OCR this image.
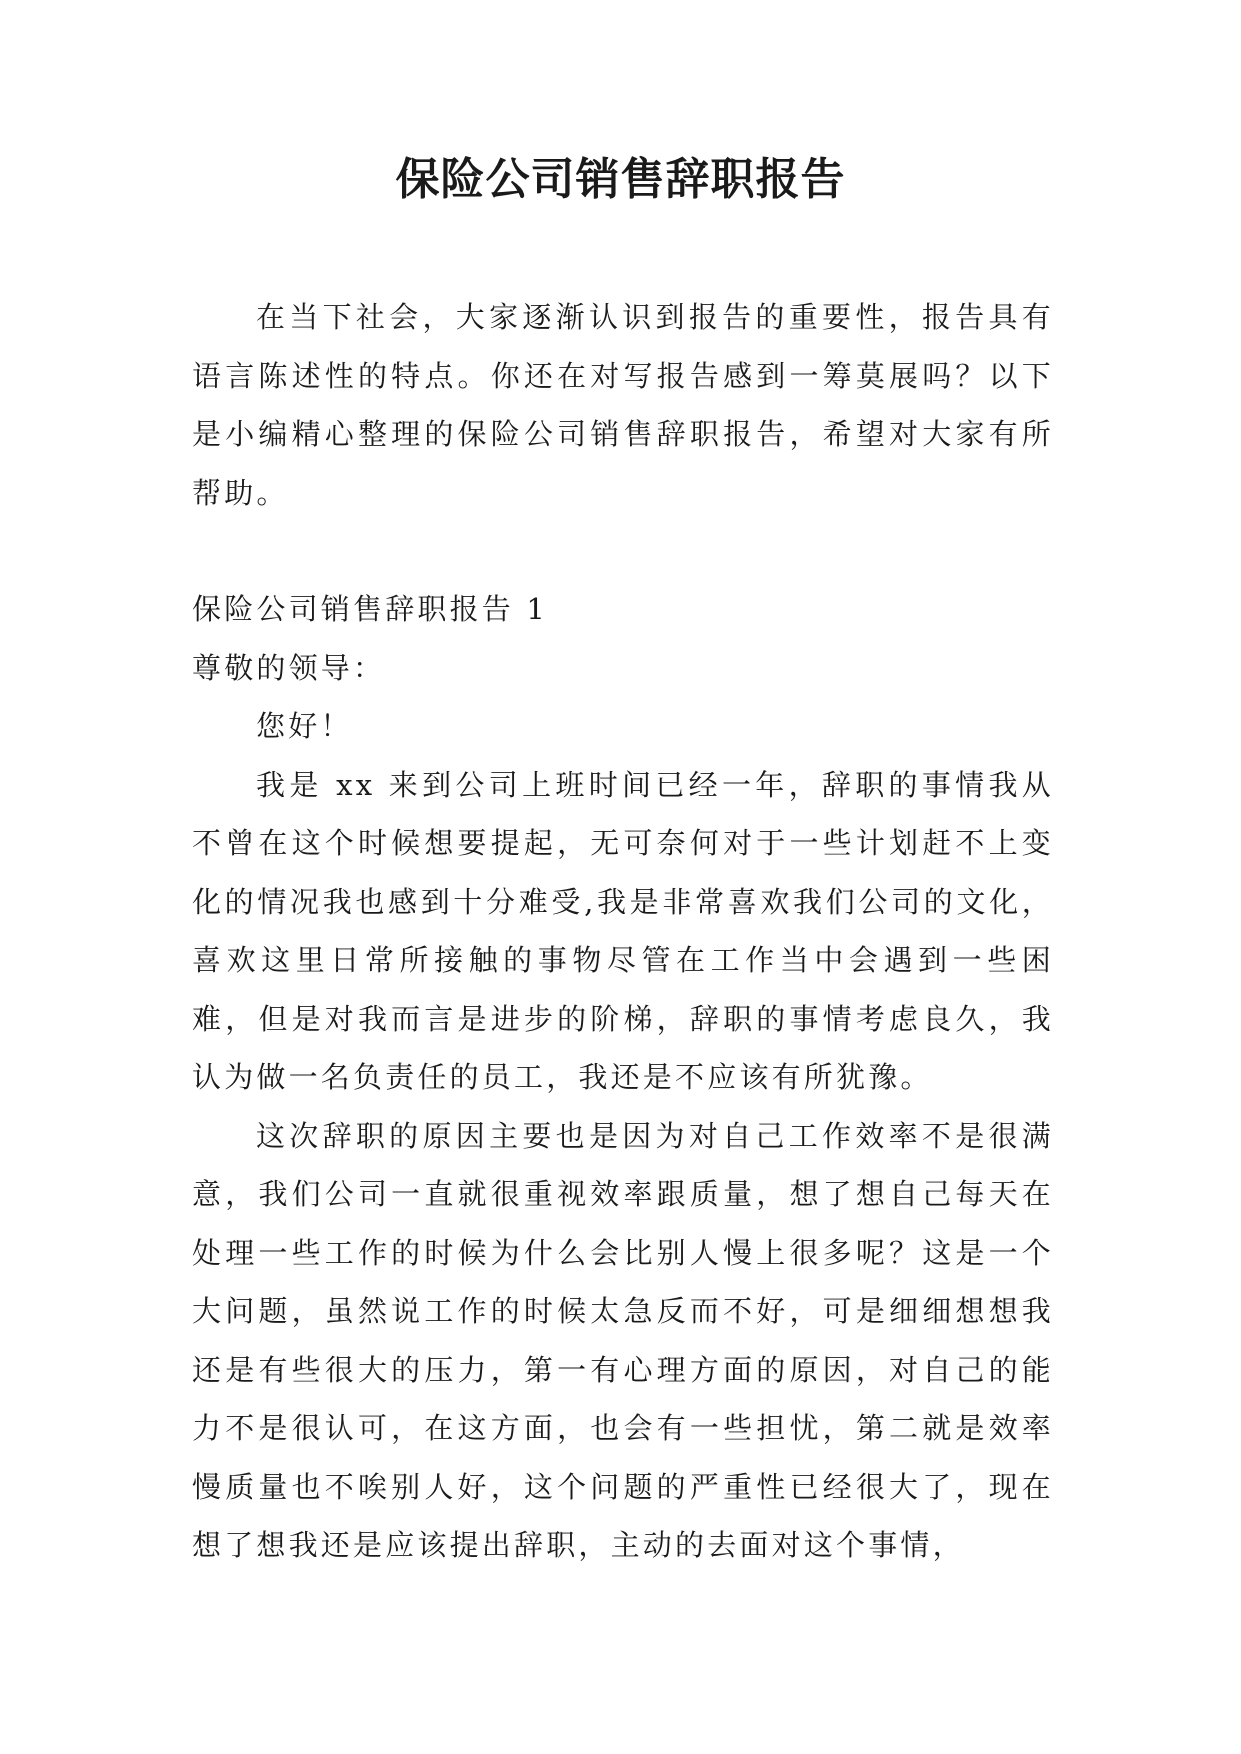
保险公司销售辞职报告

在当下社会，大家逐渐认识到报告的重要性，报告具有语言陈述性的特点。你还在对写报告感到一筹莫展吗？以下是小编精心整理的保险公司销售辞职报告，希望对大家有所帮助。

保险公司销售辞职报告 1

尊敬的领导：

您好！

我是 xx 来到公司上班时间已经一年，辞职的事情我从不曾在这个时候想要提起，无可奈何对于一些计划赶不上变化的情况我也感到十分难受,我是非常喜欢我们公司的文化，喜欢这里日常所接触的事物尽管在工作当中会遇到一些困难，但是对我而言是进步的阶梯，辞职的事情考虑良久，我认为做一名负责任的员工，我还是不应该有所犹豫。

这次辞职的原因主要也是因为对自己工作效率不是很满意，我们公司一直就很重视效率跟质量，想了想自己每天在处理一些工作的时候为什么会比别人慢上很多呢？这是一个大问题，虽然说工作的时候太急反而不好，可是细细想想我还是有些很大的压力，第一有心理方面的原因，对自己的能力不是很认可，在这方面，也会有一些担忧，第二就是效率慢质量也不唉别人好，这个问题的严重性已经很大了，现在想了想我还是应该提出辞职，主动的去面对这个事情，
